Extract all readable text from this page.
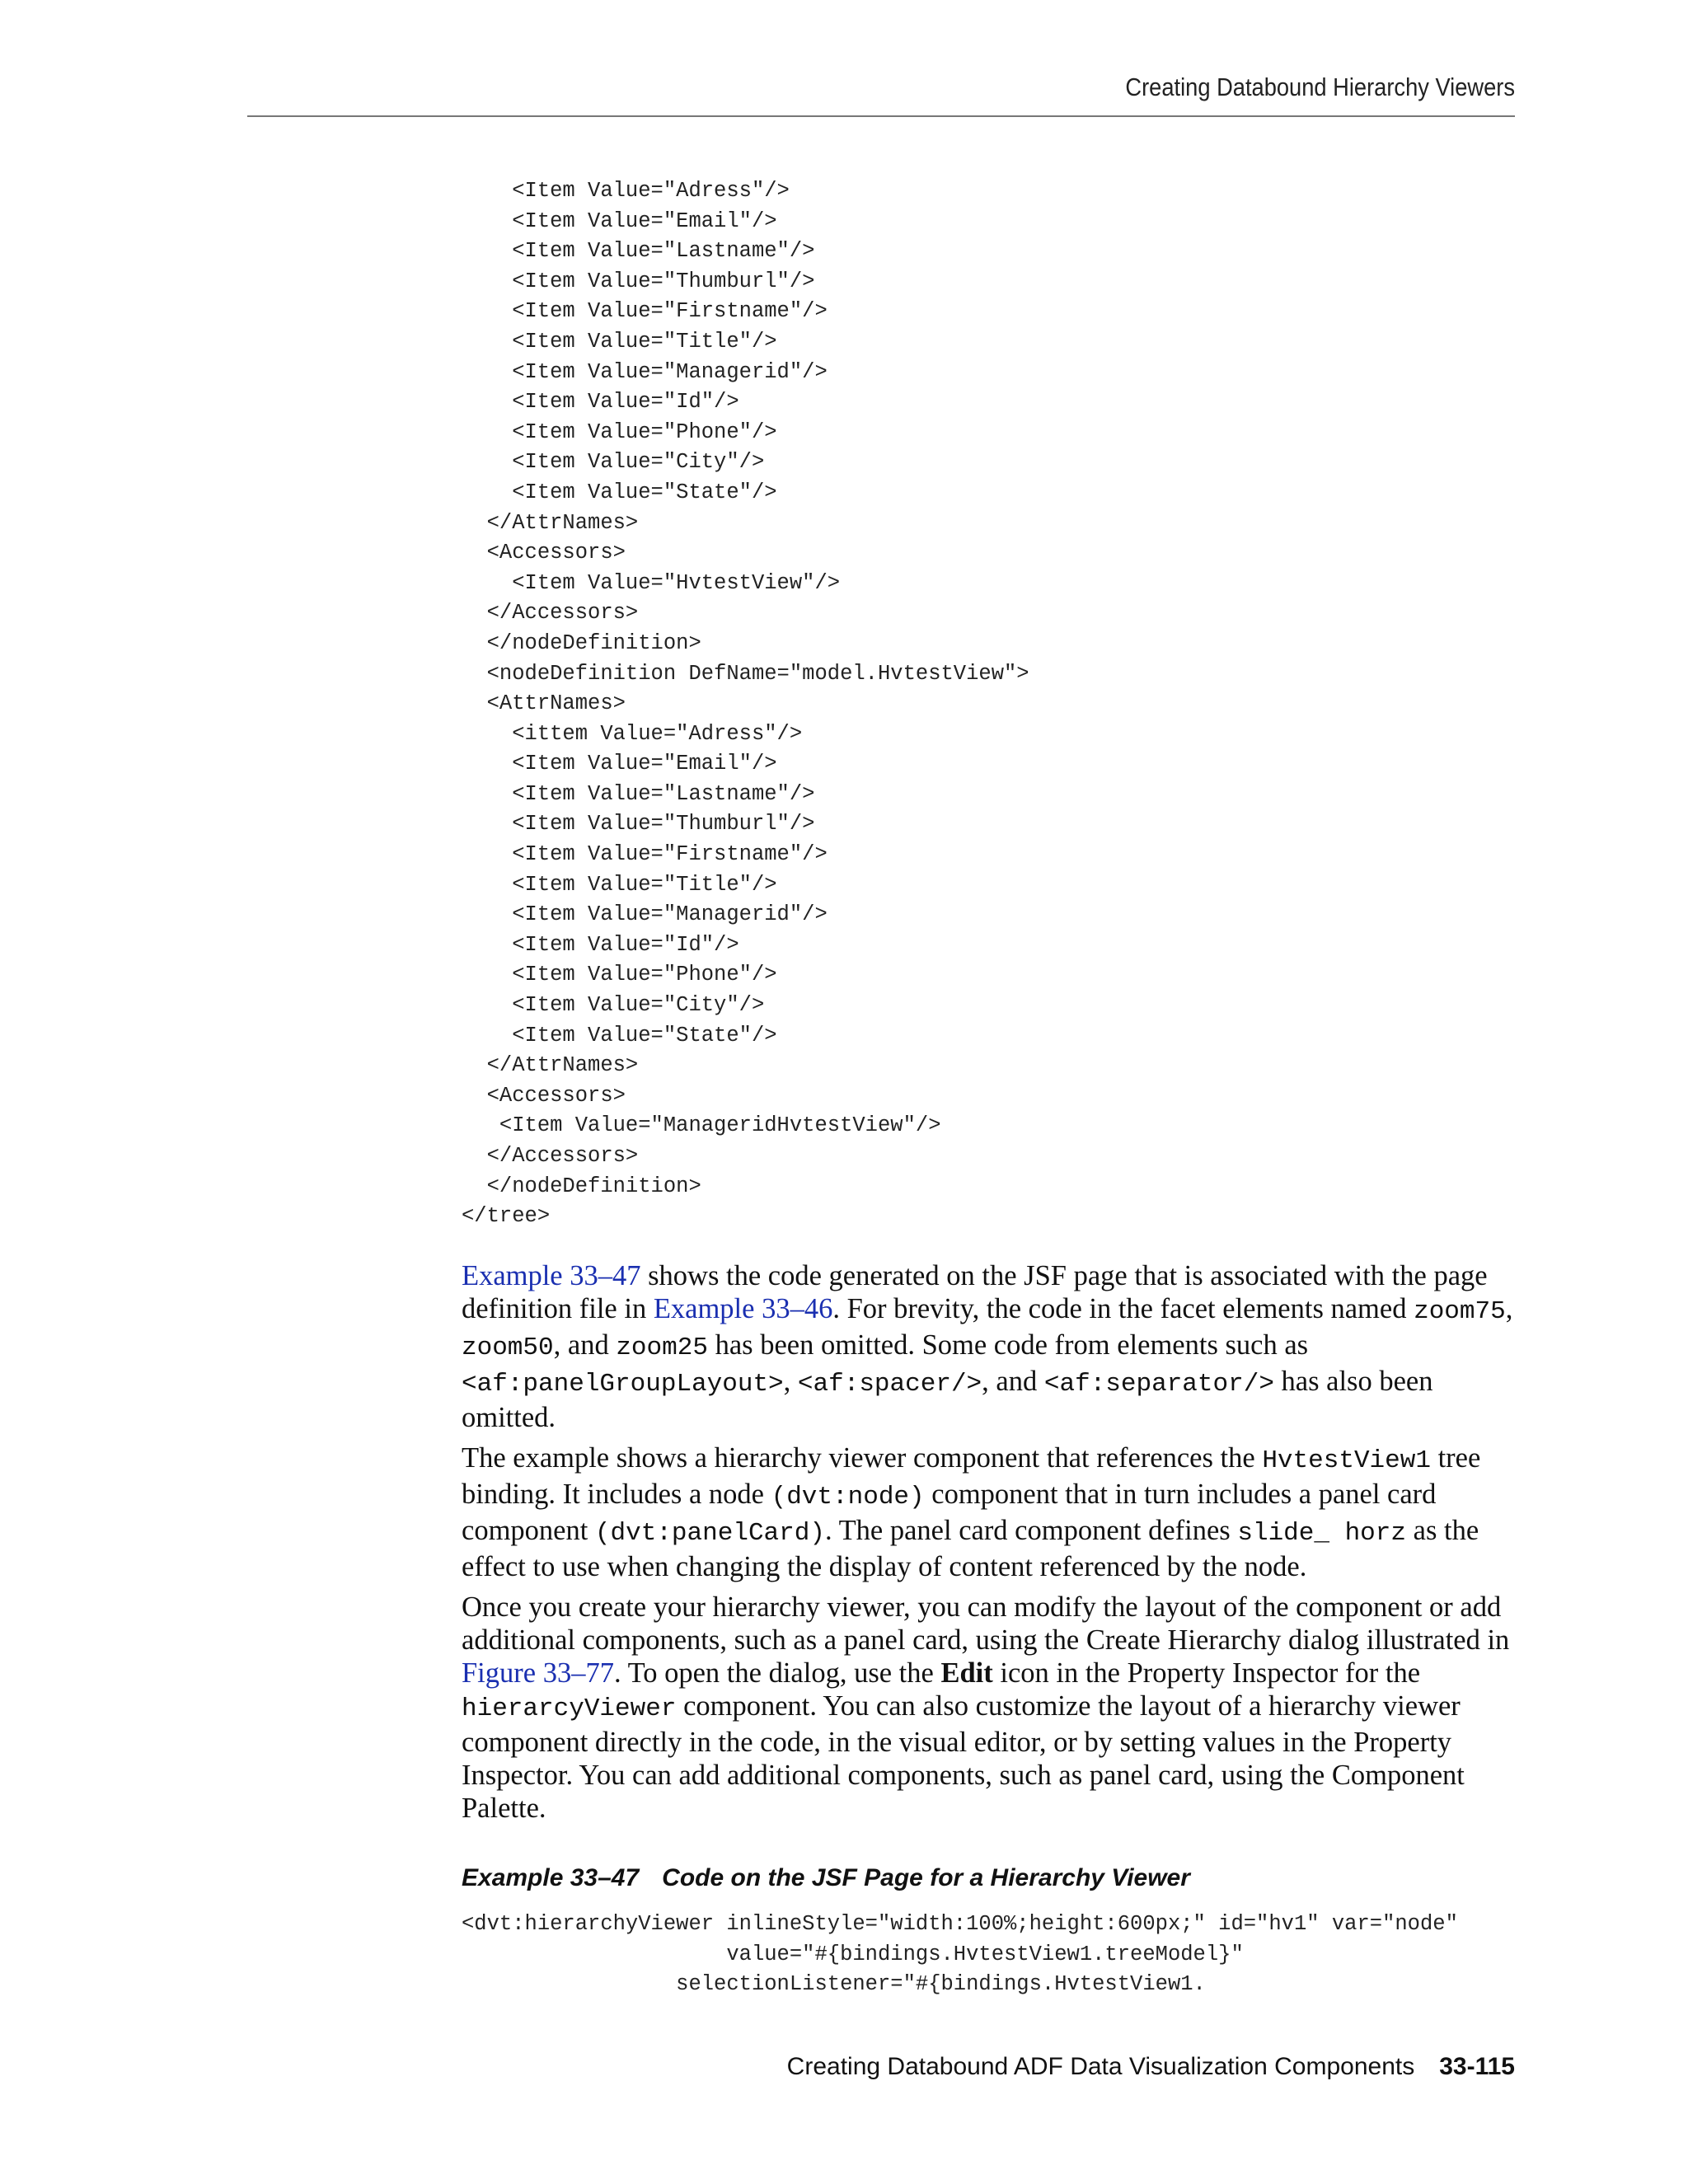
Creating Databound Hierarchy Viewers
<Item Value="Adress"/>
<Item Value="Email"/>
<Item Value="Lastname"/>
<Item Value="Thumburl"/>
<Item Value="Firstname"/>
<Item Value="Title"/>
<Item Value="Managerid"/>
<Item Value="Id"/>
<Item Value="Phone"/>
<Item Value="City"/>
<Item Value="State"/>
</AttrNames>
<Accessors>
<Item Value="HvtestView"/>
</Accessors>
</nodeDefinition>
<nodeDefinition DefName="model.HvtestView">
<AttrNames>
<ittem Value="Adress"/>
<Item Value="Email"/>
<Item Value="Lastname"/>
<Item Value="Thumburl"/>
<Item Value="Firstname"/>
<Item Value="Title"/>
<Item Value="Managerid"/>
<Item Value="Id"/>
<Item Value="Phone"/>
<Item Value="City"/>
<Item Value="State"/>
</AttrNames>
<Accessors>
<Item Value="ManageridHvtestView"/>
</Accessors>
</nodeDefinition>
</tree>

Example 33–47 shows the code generated on the JSF page that is associated with the page definition file in Example 33–46. For brevity, the code in the facet elements named zoom75, zoom50, and zoom25 has been omitted. Some code from elements such as <af:panelGroupLayout>, <af:spacer/>, and <af:separator/> has also been omitted.

The example shows a hierarchy viewer component that references the HvtestView1 tree binding. It includes a node (dvt:node) component that in turn includes a panel card component (dvt:panelCard). The panel card component defines slide_ horz as the effect to use when changing the display of content referenced by the node.

Once you create your hierarchy viewer, you can modify the layout of the component or add additional components, such as a panel card, using the Create Hierarchy dialog illustrated in Figure 33–77. To open the dialog, use the Edit icon in the Property Inspector for the hierarcyViewer component. You can also customize the layout of a hierarchy viewer component directly in the code, in the visual editor, or by setting values in the Property Inspector. You can add additional components, such as panel card, using the Component Palette.

Example 33–47 Code on the JSF Page for a Hierarchy Viewer
<dvt:hierarchyViewer inlineStyle="width:100%;height:600px;" id="hv1" var="node"
value="#{bindings.HvtestView1.treeModel}"
selectionListener="#{bindings.HvtestView1.
Creating Databound ADF Data Visualization Components 33-115
